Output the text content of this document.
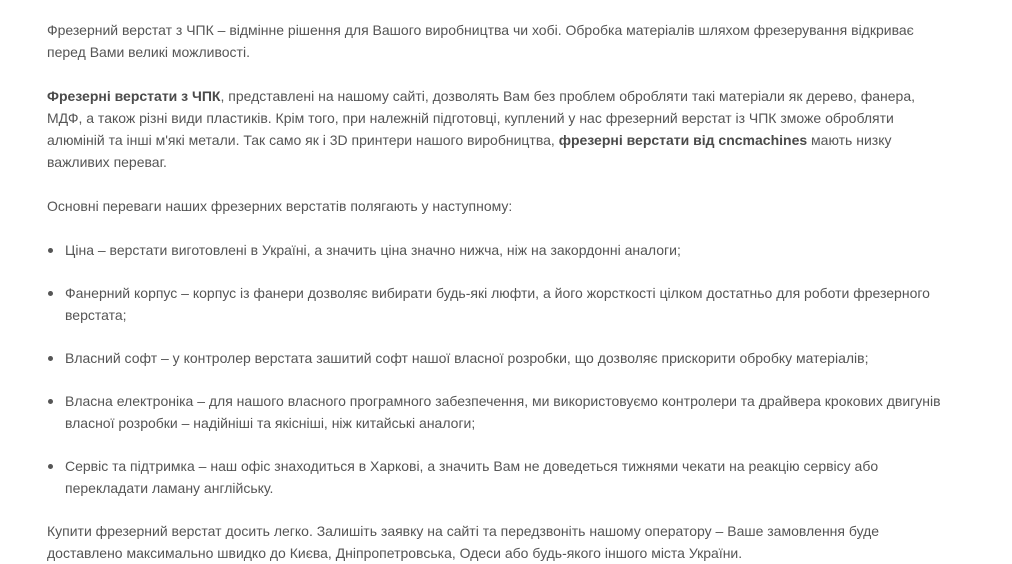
Фрезерний верстат з ЧПК – відмінне рішення для Вашого виробництва чи хобі. Обробка матеріалів шляхом фрезерування відкриває перед Вами великі можливості.

Фрезерні верстати з ЧПК, представлені на нашому сайті, дозволять Вам без проблем обробляти такі матеріали як дерево, фанера, МДФ, а також різні види пластиків. Крім того, при належній підготовці, куплений у нас фрезерний верстат із ЧПК зможе обробляти алюміній та інші м'які метали. Так само як і 3D принтери нашого виробництва, фрезерні верстати від cncmachines мають низку важливих переваг.

Основні переваги наших фрезерних верстатів полягають у наступному:

Ціна – верстати виготовлені в Україні, а значить ціна значно нижча, ніж на закордонні аналоги;
Фанерний корпус – корпус із фанери дозволяє вибирати будь-які люфти, а його жорсткості цілком достатньо для роботи фрезерного верстата;
Власний софт – у контролер верстата зашитий софт нашої власної розробки, що дозволяє прискорити обробку матеріалів;
Власна електроніка – для нашого власного програмного забезпечення, ми використовуємо контролери та драйвера крокових двигунів власної розробки – надійніші та якісніші, ніж китайські аналоги;
Сервіс та підтримка – наш офіс знаходиться в Харкові, а значить Вам не доведеться тижнями чекати на реакцію сервісу або перекладати ламану англійську.

Купити фрезерний верстат досить легко. Залишіть заявку на сайті та передзвоніть нашому оператору – Ваше замовлення буде доставлено максимально швидко до Києва, Дніпропетровська, Одеси або будь-якого іншого міста України.
